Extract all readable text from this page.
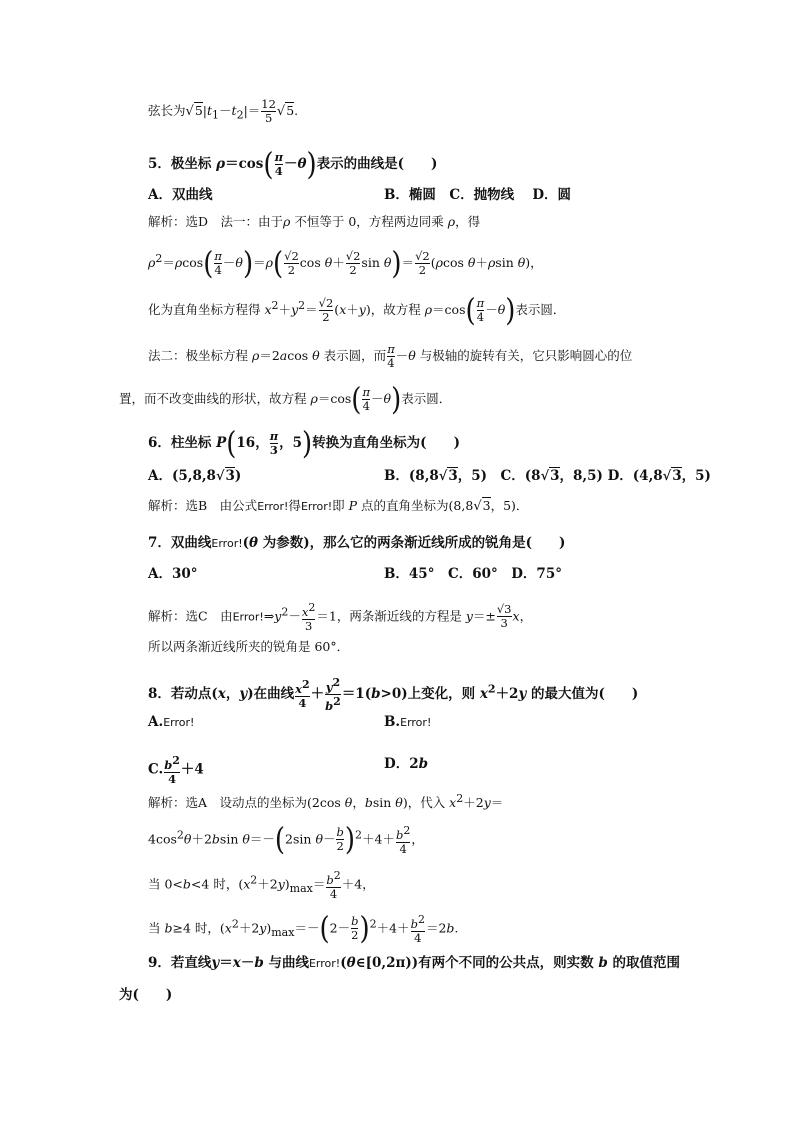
弦长为$√5|t_1-t_2|= \frac{12}{5} √5$.
5．极坐标 $\rho=\cos( \frac{\pi}{4} -\theta)$表示的曲线是(　　)
A．双曲线	B．椭圆　C．抛物线　 D．圆
解析：选D　法一：由于ρ 不恒等于 0，方程两边同乘 ρ，得
$\rho^2=\rho\cos( \frac{\pi}{4} -\theta)=\rho( \frac{√2}{2}$ $\cos \theta+ \frac{√2}{2}$ $\sin \theta)= \frac{√2}{2} (\rho\cos$ θ＋ρsin θ)，
化为直角坐标方程得 $x^2+y^2= \frac{√2}{2} (x+y)$，故方程 $\rho=\cos( \frac{\pi}{4} -\theta)$表示圆．
法二：极坐标方程 ρ＝2acos θ 表示圆，而 $\frac{\pi}{4} -\theta$ 与极轴的旋转有关，它只影响圆心的位
置，而不改变曲线的形状，故方程 $\rho=\cos( \frac{\pi}{4} -\theta)$表示圆．
6．柱坐标 P(16， $\frac{\pi}{3}$ ，5)转换为直角坐标为(　　)
A．(5,8,8√3)	B．(8,8√3，5)　C．(8√3，8,5) D．(4,8√3，5)
解析：选B　由公式Error!得Error!即 P 点的直角坐标为(8,8√3，5)．
7．双曲线Error!(θ 为参数)，那么它的两条渐近线所成的锐角是(　　)
A．30°	B．45°　C．60°　D．75°
解析：选C　由$Error!\Rightarrow y^2- \frac{x^2}{3} =1$，两条渐近线的方程是 $y=\pm \frac{√3}{3}$ x，
所以两条渐近线所夹的锐角是 60°．
8．若动点(x，y)在曲线 $\frac{x^2}{4} + \frac{y^2}{b^2} =1(b>0)$上变化，则 $x^2+2y$ 的最大值为(　　)
A.Error!	B.Error!
C. $\frac{b^2}{4} +4$	D．2b
解析：选A　设动点的坐标为(2cos θ，bsin θ)，代入 $x^2+2y=$
$4\cos^2\theta+2bsin$ θ＝－(2sin $\theta- \frac{b}{2} )^2+4+ \frac{b^2}{4}$ ，
当 0<b<4 时，$(x^2+2y)_{max}= \frac{b^2}{4} +4$，
当 b≥4 时，$(x^2+2y)_{max}=-(2- \frac{b}{2} )^2+4+ \frac{b^2}{4} =2b$.
9．若直线y＝x－b 与曲线Error!(θ∈[0,2π))有两个不同的公共点，则实数 b 的取值范围
为(　　)
